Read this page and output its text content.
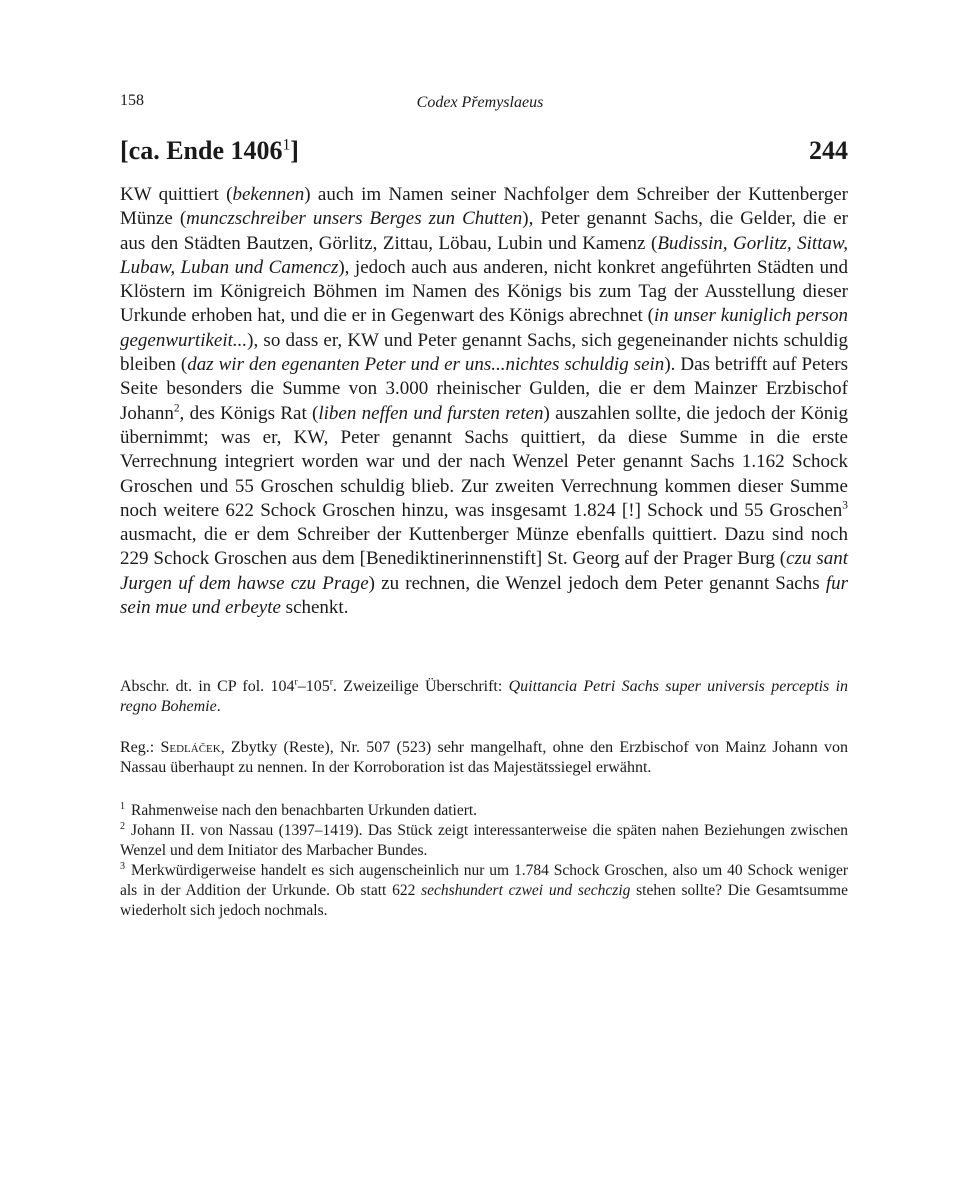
158	Codex Přemyslaeus
[ca. Ende 1406$^1$]	244

KW quittiert (bekennen) auch im Namen seiner Nachfolger dem Schreiber der Kuttenberger Münze (munczschreiber unsers Berges zun Chutten), Peter genannt Sachs, die Gelder, die er aus den Städten Bautzen, Görlitz, Zittau, Löbau, Lubin und Kamenz (Budissin, Gorlitz, Sittaw, Lubaw, Luban und Camencz), jedoch auch aus anderen, nicht konkret angeführten Städten und Klöstern im Königreich Böhmen im Namen des Königs bis zum Tag der Ausstellung dieser Urkunde erhoben hat, und die er in Gegenwart des Königs abrechnet (in unser kuniglich person gegenwurtikeit...), so dass er, KW und Peter genannt Sachs, sich gegeneinander nichts schuldig bleiben (daz wir den egenanten Peter und er uns...nichtes schuldig sein). Das betrifft auf Peters Seite besonders die Summe von 3.000 rheinischer Gulden, die er dem Mainzer Erzbischof Johann$^2$, des Königs Rat (liben neffen und fursten reten) auszahlen sollte, die jedoch der König übernimmt; was er, KW, Peter genannt Sachs quittiert, da diese Summe in die erste Verrechnung integriert worden war und der nach Wenzel Peter genannt Sachs 1.162 Schock Groschen und 55 Groschen schuldig blieb. Zur zweiten Verrechnung kommen dieser Summe noch weitere 622 Schock Groschen hinzu, was insgesamt 1.824 [!] Schock und 55 Groschen$^3$ ausmacht, die er dem Schreiber der Kuttenberger Münze ebenfalls quittiert. Dazu sind noch 229 Schock Groschen aus dem [Benediktinerinnenstift] St. Georg auf der Prager Burg (czu sant Jurgen uf dem hawse czu Prage) zu rechnen, die Wenzel jedoch dem Peter genannt Sachs fur sein mue und erbeyte schenkt.

Abschr. dt. in CP fol. 104$^r$–105$^r$. Zweizeilige Überschrift: Quittancia Petri Sachs super universis perceptis in regno Bohemie.

Reg.: Sedláček, Zbytky (Reste), Nr. 507 (523) sehr mangelhaft, ohne den Erzbischof von Mainz Johann von Nassau überhaupt zu nennen. In der Korroboration ist das Majestätssiegel erwähnt.

$^1$ Rahmenweise nach den benachbarten Urkunden datiert.

$^2$ Johann II. von Nassau (1397–1419). Das Stück zeigt interessanterweise die späten nahen Beziehungen zwischen Wenzel und dem Initiator des Marbacher Bundes.

$^3$ Merkwürdigerweise handelt es sich augenscheinlich nur um 1.784 Schock Groschen, also um 40 Schock weniger als in der Addition der Urkunde. Ob statt 622 sechshundert czwei und sechczig stehen sollte? Die Gesamtsumme wiederholt sich jedoch nochmals.
